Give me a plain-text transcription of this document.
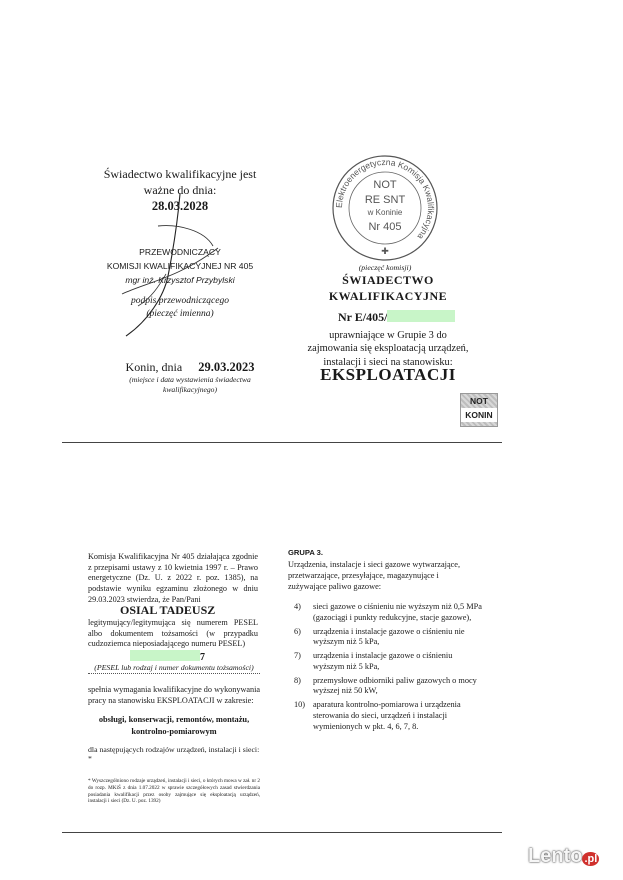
Świadectwo kwalifikacyjne jest
ważne do dnia:
28.03.2028
PRZEWODNICZĄCY
KOMISJI KWALIFIKACYJNEJ NR 405
mgr inż. Krzysztof Przybylski
podpis przewodniczącego
(pieczęć imienna)
Konin, dnia 29.03.2023
(miejsce i data wystawienia świadectwa
kwalifikacyjnego)
Elektroenergetyczna Komisja Kwalifikacyjna
NOT
RE SNT
w Koninie
Nr 405
✚
(pieczęć komisji)
ŚWIADECTWO
KWALIFIKACYJNE
Nr E/405/
uprawniające w Grupie 3 do
zajmowania się eksploatacją urządzeń,
instalacji i sieci na stanowisku:
EKSPLOATACJI
NOT
KONIN
Komisja Kwalifikacyjna Nr 405 działająca zgodnie z przepisami ustawy z 10 kwietnia 1997 r. – Prawo energetyczne (Dz. U. z 2022 r. poz. 1385), na podstawie wyniku egzaminu złożonego w dniu 29.03.2023 stwierdza, że Pan/Pani
OSIAL TADEUSZ
legitymujący/legitymująca się numerem PESEL albo dokumentem tożsamości (w przypadku cudzoziemca nieposiadającego numeru PESEL)
7
(PESEL lub rodzaj i numer dokumentu tożsamości)
spełnia wymagania kwalifikacyjne do wykonywania pracy na stanowisku EKSPLOATACJI w zakresie:
obsługi, konserwacji, remontów, montażu, kontrolno-pomiarowym
dla następujących rodzajów urządzeń, instalacji i sieci: *
* Wyszczególniono rodzaje urządzeń, instalacji i sieci, o których mowa w zał. nr 2 do rozp. MKiŚ z dnia 1.07.2022 w sprawie szczegółowych zasad stwierdzania posiadania kwalifikacji przez osoby zajmujące się eksploatacją urządzeń, instalacji i sieci (Dz. U. poz. 1392)
GRUPA 3.
Urządzenia, instalacje i sieci gazowe wytwarzające, przetwarzające, przesyłające, magazynujące i zużywające paliwo gazowe:
4) sieci gazowe o ciśnieniu nie wyższym niż 0,5 MPa (gazociągi i punkty redukcyjne, stacje gazowe),
6) urządzenia i instalacje gazowe o ciśnieniu nie wyższym niż 5 kPa,
7) urządzenia i instalacje gazowe o ciśnieniu wyższym niż 5 kPa,
8) przemysłowe odbiorniki paliw gazowych o mocy wyższej niż 50 kW,
10) aparatura kontrolno-pomiarowa i urządzenia sterowania do sieci, urządzeń i instalacji wymienionych w pkt. 4, 6, 7, 8.
Lento .pl
